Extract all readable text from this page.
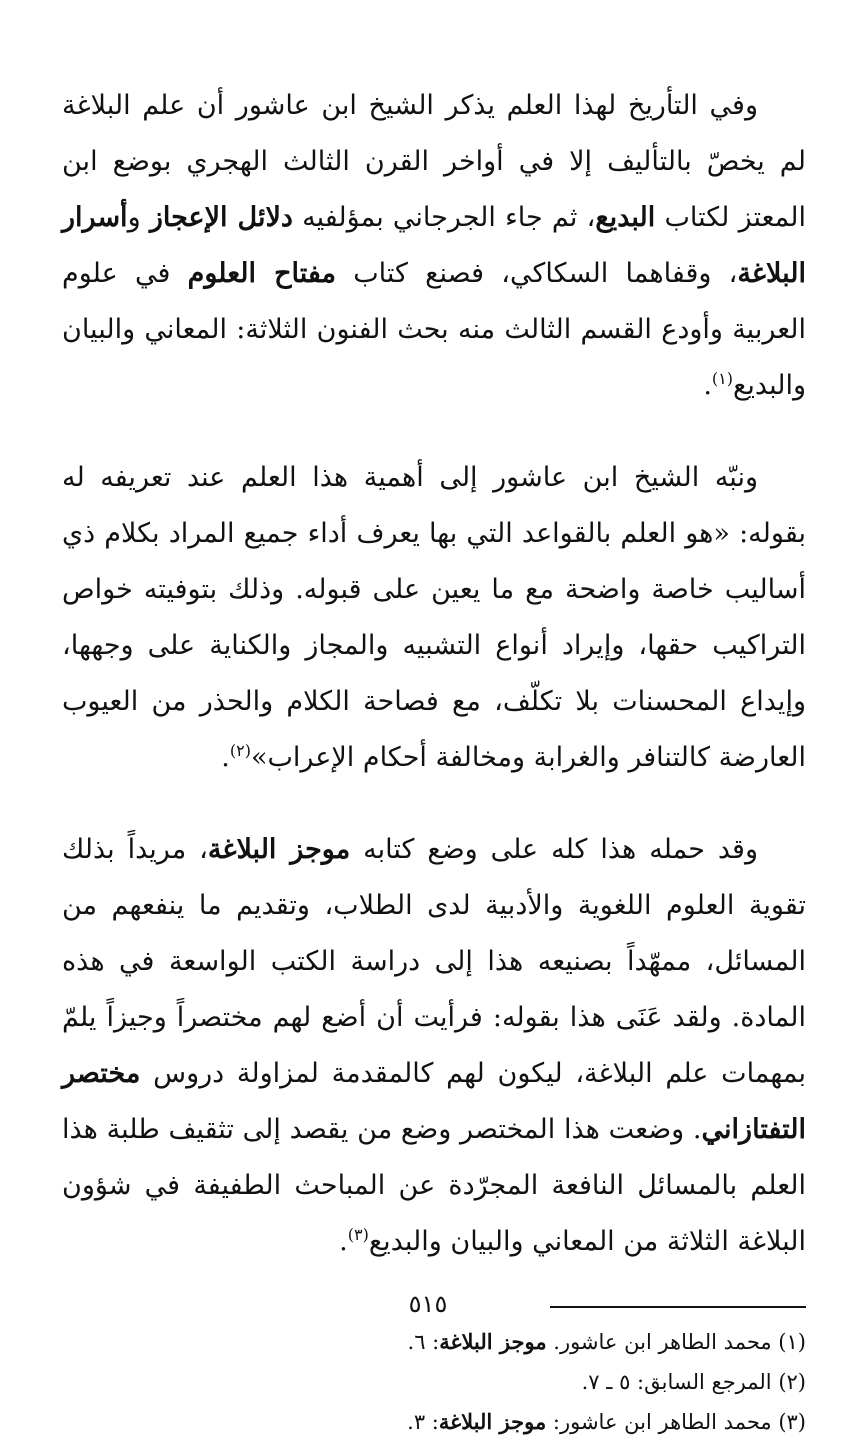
وفي التأريخ لهذا العلم يذكر الشيخ ابن عاشور أن علم البلاغة لم يخصّ بالتأليف إلا في أواخر القرن الثالث الهجري بوضع ابن المعتز لكتاب البديع، ثم جاء الجرجاني بمؤلفيه دلائل الإعجاز وأسرار البلاغة، وقفاهما السكاكي، فصنع كتاب مفتاح العلوم في علوم العربية وأودع القسم الثالث منه بحث الفنون الثلاثة: المعاني والبيان والبديع$^{(١)}$.

ونبّه الشيخ ابن عاشور إلى أهمية هذا العلم عند تعريفه له بقوله: «هو العلم بالقواعد التي بها يعرف أداء جميع المراد بكلام ذي أساليب خاصة واضحة مع ما يعين على قبوله. وذلك بتوفيته خواص التراكيب حقها، وإيراد أنواع التشبيه والمجاز والكناية على وجهها، وإيداع المحسنات بلا تكلّف، مع فصاحة الكلام والحذر من العيوب العارضة كالتنافر والغرابة ومخالفة أحكام الإعراب»$^{(٢)}$.

وقد حمله هذا كله على وضع كتابه موجز البلاغة، مريداً بذلك تقوية العلوم اللغوية والأدبية لدى الطلاب، وتقديم ما ينفعهم من المسائل، ممهّداً بصنيعه هذا إلى دراسة الكتب الواسعة في هذه المادة. ولقد عَنَى هذا بقوله: فرأيت أن أضع لهم مختصراً وجيزاً يلمّ بمهمات علم البلاغة، ليكون لهم كالمقدمة لمزاولة دروس مختصر التفتازاني. وضعت هذا المختصر وضع من يقصد إلى تثقيف طلبة هذا العلم بالمسائل النافعة المجرّدة عن المباحث الطفيفة في شؤون البلاغة الثلاثة من المعاني والبيان والبديع$^{(٣)}$.

(١) محمد الطاهر ابن عاشور. موجز البلاغة: ٦.

(٢) المرجع السابق: ٥ ـ ٧.

(٣) محمد الطاهر ابن عاشور: موجز البلاغة: ٣.

٥١٥
